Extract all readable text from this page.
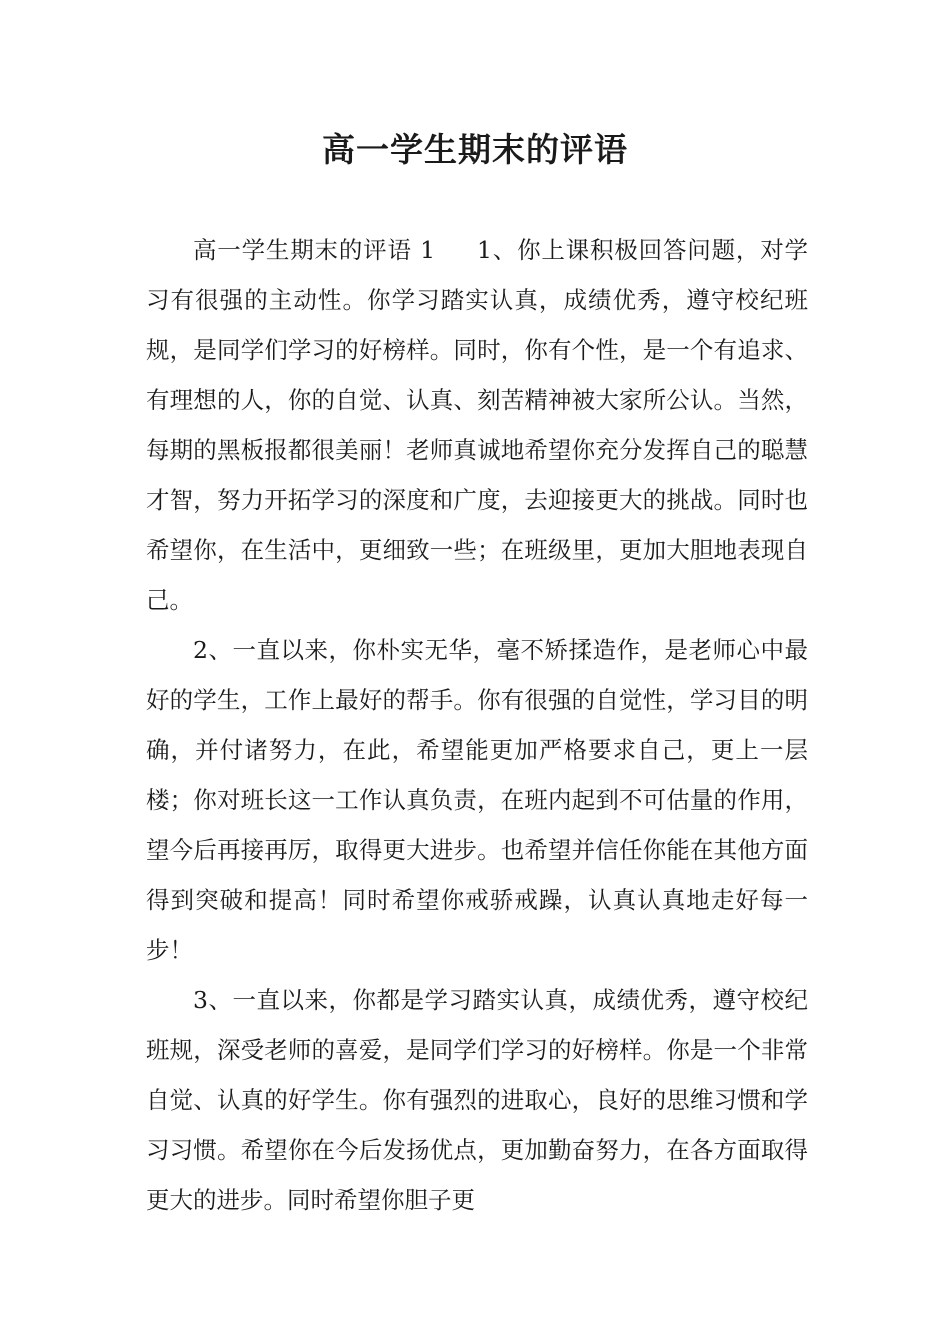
高一学生期末的评语

高一学生期末的评语 1 1、你上课积极回答问题，对学习有很强的主动性。你学习踏实认真，成绩优秀，遵守校纪班规，是同学们学习的好榜样。同时，你有个性，是一个有追求、有理想的人，你的自觉、认真、刻苦精神被大家所公认。当然，每期的黑板报都很美丽！老师真诚地希望你充分发挥自己的聪慧才智，努力开拓学习的深度和广度，去迎接更大的挑战。同时也希望你，在生活中，更细致一些；在班级里，更加大胆地表现自己。

2、一直以来，你朴实无华，毫不矫揉造作，是老师心中最好的学生，工作上最好的帮手。你有很强的自觉性，学习目的明确，并付诸努力，在此，希望能更加严格要求自己，更上一层楼；你对班长这一工作认真负责，在班内起到不可估量的作用，望今后再接再厉，取得更大进步。也希望并信任你能在其他方面得到突破和提高！同时希望你戒骄戒躁，认真认真地走好每一步！

3、一直以来，你都是学习踏实认真，成绩优秀，遵守校纪班规，深受老师的喜爱，是同学们学习的好榜样。你是一个非常自觉、认真的好学生。你有强烈的进取心，良好的思维习惯和学习习惯。希望你在今后发扬优点，更加勤奋努力，在各方面取得更大的进步。同时希望你胆子更
